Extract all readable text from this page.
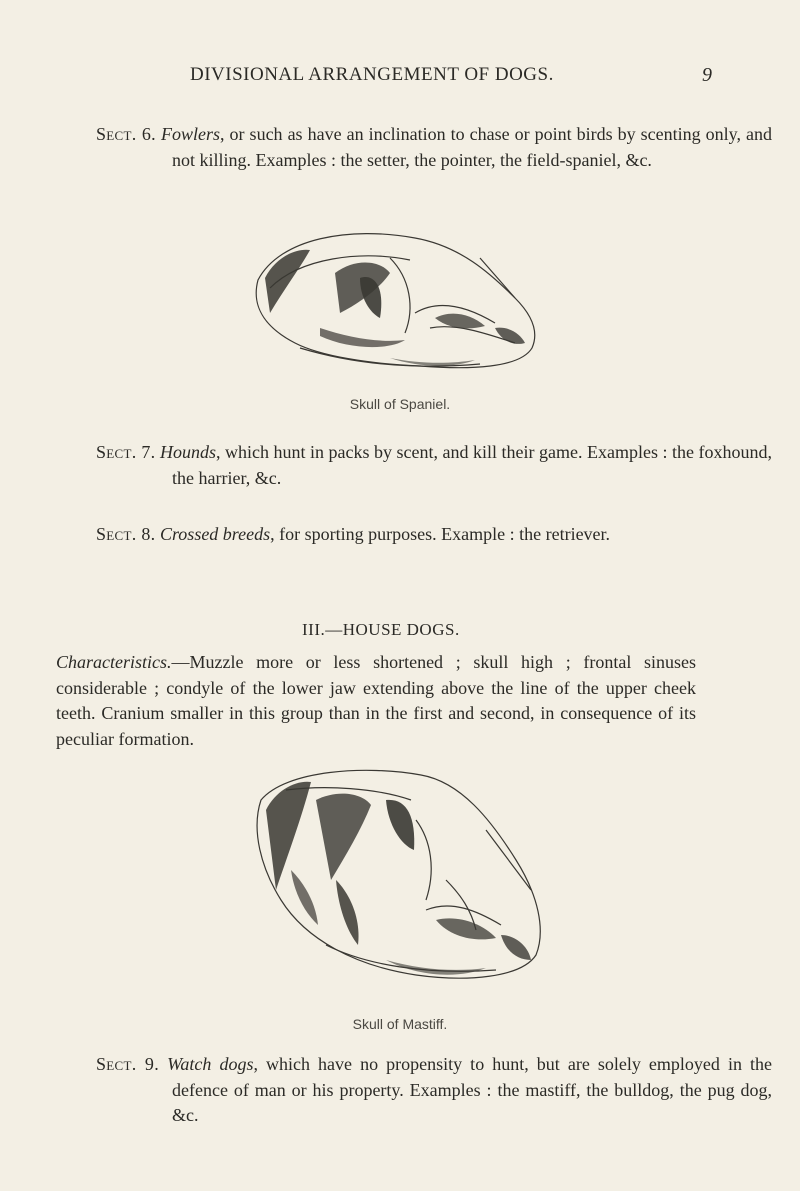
DIVISIONAL ARRANGEMENT OF DOGS.	9
Sect. 6. Fowlers, or such as have an inclination to chase or point birds by scenting only, and not killing. Examples : the setter, the pointer, the field-spaniel, &c.
Skull of Spaniel.
Sect. 7. Hounds, which hunt in packs by scent, and kill their game. Examples : the foxhound, the harrier, &c.
Sect. 8. Crossed breeds, for sporting purposes. Example : the retriever.
III.—HOUSE DOGS.
Characteristics.—Muzzle more or less shortened ; skull high ; frontal sinuses considerable ; condyle of the lower jaw extending above the line of the upper cheek teeth. Cranium smaller in this group than in the first and second, in consequence of its peculiar formation.
Skull of Mastiff.
Sect. 9. Watch dogs, which have no propensity to hunt, but are solely employed in the defence of man or his property. Examples : the mastiff, the bulldog, the pug dog, &c.
